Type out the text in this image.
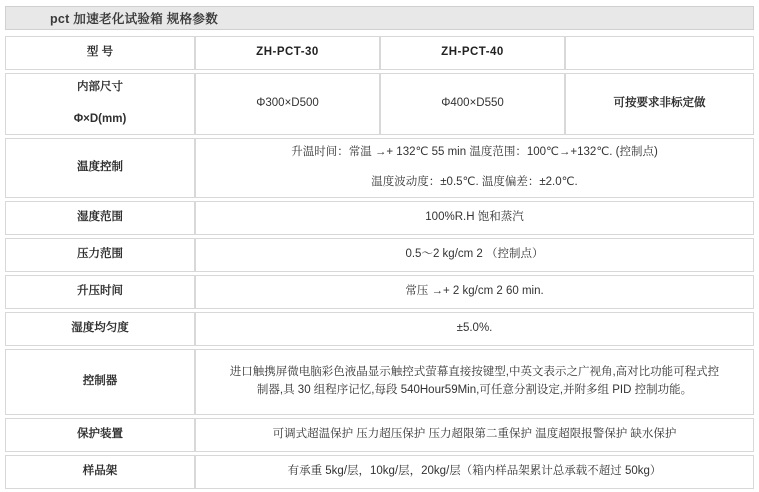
pct 加速老化试验箱 规格参数
型 号	ZH-PCT-30	ZH-PCT-40	

内部尺寸
Φ×D(mm)	Φ300×D500	Φ400×D550	可按要求非标定做
温度控制	升温时间：常温 →+ 132℃ 55 min 温度范围：100℃→+132℃. (控制点)
温度波动度：±0.5℃. 温度偏差：±2.0℃.		

湿度范围	100%R.H 饱和蒸汽		
压力范围	0.5～2 kg/cm 2 （控制点）		
升压时间	常压 →+ 2 kg/cm 2 60 min.		
湿度均匀度	±5.0%.		
控制器	进口触携屏微电脑彩色液晶显示触控式萤幕直接按键型,中英文表示之广视角,高对比功能可程式控制器,具 30 组程序记忆,每段 540Hour59Min,可任意分割设定,并附多组 PID 控制功能。		
保护装置	可调式超温保护 压力超压保护 压力超限第二重保护 温度超限报警保护 缺水保护		
样品架	有承重 5kg/层，10kg/层，20kg/层（箱内样品架累计总承载不超过 50kg）		
